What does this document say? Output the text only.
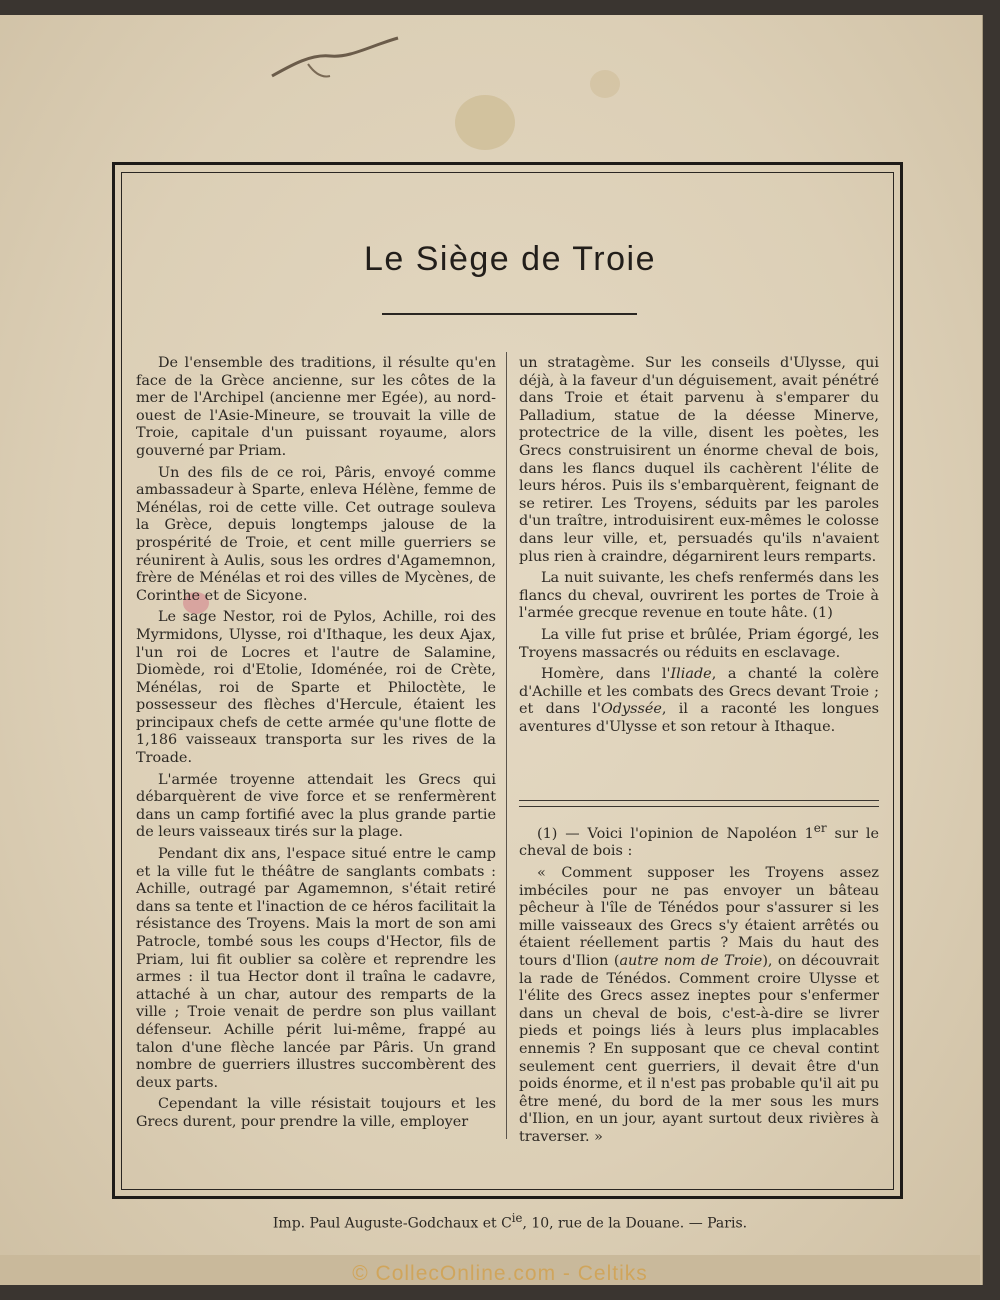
Le Siège de Troie

De l'ensemble des traditions, il résulte qu'en face de la Grèce ancienne, sur les côtes de la mer de l'Archipel (ancienne mer Egée), au nord-ouest de l'Asie-Mineure, se trouvait la ville de Troie, capitale d'un puissant royaume, alors gouverné par Priam.

Un des fils de ce roi, Pâris, envoyé comme ambassadeur à Sparte, enleva Hélène, femme de Ménélas, roi de cette ville. Cet outrage souleva la Grèce, depuis longtemps jalouse de la prospérité de Troie, et cent mille guerriers se réunirent à Aulis, sous les ordres d'Agamemnon, frère de Ménélas et roi des villes de Mycènes, de Corinthe et de Sicyone.

Le sage Nestor, roi de Pylos, Achille, roi des Myrmidons, Ulysse, roi d'Ithaque, les deux Ajax, l'un roi de Locres et l'autre de Salamine, Diomède, roi d'Etolie, Idoménée, roi de Crète, Ménélas, roi de Sparte et Philoctète, le possesseur des flèches d'Hercule, étaient les principaux chefs de cette armée qu'une flotte de 1,186 vaisseaux transporta sur les rives de la Troade.

L'armée troyenne attendait les Grecs qui débarquèrent de vive force et se renfermèrent dans un camp fortifié avec la plus grande partie de leurs vaisseaux tirés sur la plage.

Pendant dix ans, l'espace situé entre le camp et la ville fut le théâtre de sanglants combats : Achille, outragé par Agamemnon, s'était retiré dans sa tente et l'inaction de ce héros facilitait la résistance des Troyens. Mais la mort de son ami Patrocle, tombé sous les coups d'Hector, fils de Priam, lui fit oublier sa colère et reprendre les armes : il tua Hector dont il traîna le cadavre, attaché à un char, autour des remparts de la ville ; Troie venait de perdre son plus vaillant défenseur. Achille périt lui-même, frappé au talon d'une flèche lancée par Pâris. Un grand nombre de guerriers illustres succombèrent des deux parts.

Cependant la ville résistait toujours et les Grecs durent, pour prendre la ville, employer

un stratagème. Sur les conseils d'Ulysse, qui déjà, à la faveur d'un déguisement, avait pénétré dans Troie et était parvenu à s'emparer du Palladium, statue de la déesse Minerve, protectrice de la ville, disent les poètes, les Grecs construisirent un énorme cheval de bois, dans les flancs duquel ils cachèrent l'élite de leurs héros. Puis ils s'embarquèrent, feignant de se retirer. Les Troyens, séduits par les paroles d'un traître, introduisirent eux-mêmes le colosse dans leur ville, et, persuadés qu'ils n'avaient plus rien à craindre, dégarnirent leurs remparts.

La nuit suivante, les chefs renfermés dans les flancs du cheval, ouvrirent les portes de Troie à l'armée grecque revenue en toute hâte. (1)

La ville fut prise et brûlée, Priam égorgé, les Troyens massacrés ou réduits en esclavage.

Homère, dans l'Iliade, a chanté la colère d'Achille et les combats des Grecs devant Troie ; et dans l'Odyssée, il a raconté les longues aventures d'Ulysse et son retour à Ithaque.

(1) — Voici l'opinion de Napoléon 1er sur le cheval de bois :

« Comment supposer les Troyens assez imbéciles pour ne pas envoyer un bâteau pêcheur à l'île de Ténédos pour s'assurer si les mille vaisseaux des Grecs s'y étaient arrêtés ou étaient réellement partis ? Mais du haut des tours d'Ilion (autre nom de Troie), on découvrait la rade de Ténédos. Comment croire Ulysse et l'élite des Grecs assez ineptes pour s'enfermer dans un cheval de bois, c'est-à-dire se livrer pieds et poings liés à leurs plus implacables ennemis ? En supposant que ce cheval contint seulement cent guerriers, il devait être d'un poids énorme, et il n'est pas probable qu'il ait pu être mené, du bord de la mer sous les murs d'Ilion, en un jour, ayant surtout deux rivières à traverser. »

Imp. Paul Auguste-Godchaux et $C^{ie}$, 10, rue de la Douane. — Paris.

© CollecOnline.com - Celtiks
